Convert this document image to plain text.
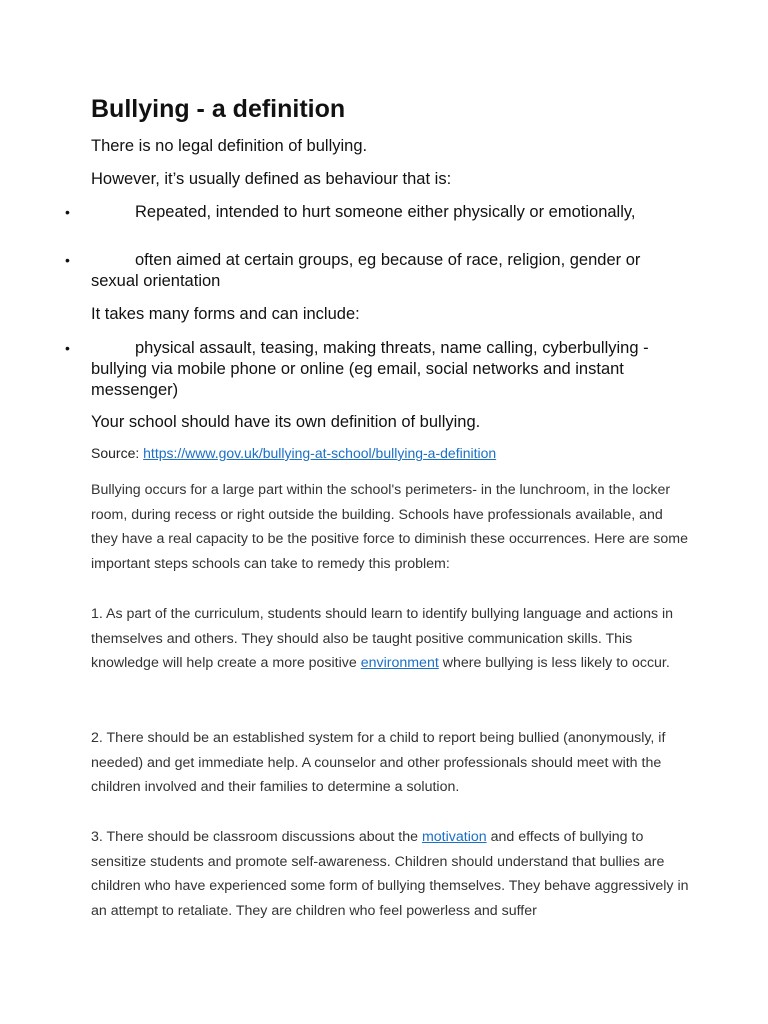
Bullying - a definition

There is no legal definition of bullying.

However, it’s usually defined as behaviour that is:

•	Repeated, intended to hurt someone either physically or emotionally,
•	often aimed at certain groups, eg because of race, religion, gender or sexual orientation

It takes many forms and can include:

•	physical assault, teasing, making threats, name calling, cyberbullying - bullying via mobile phone or online (eg email, social networks and instant messenger)

Your school should have its own definition of bullying.

Source: https://www.gov.uk/bullying-at-school/bullying-a-definition

Bullying occurs for a large part within the school's perimeters- in the lunchroom, in the locker room, during recess or right outside the building. Schools have professionals available, and they have a real capacity to be the positive force to diminish these occurrences. Here are some important steps schools can take to remedy this problem:

1. As part of the curriculum, students should learn to identify bullying language and actions in themselves and others. They should also be taught positive communication skills. This knowledge will help create a more positive environment where bullying is less likely to occur.

2. There should be an established system for a child to report being bullied (anonymously, if needed) and get immediate help. A counselor and other professionals should meet with the children involved and their families to determine a solution.

3. There should be classroom discussions about the motivation and effects of bullying to sensitize students and promote self-awareness. Children should understand that bullies are children who have experienced some form of bullying themselves. They behave aggressively in an attempt to retaliate. They are children who feel powerless and suffer
